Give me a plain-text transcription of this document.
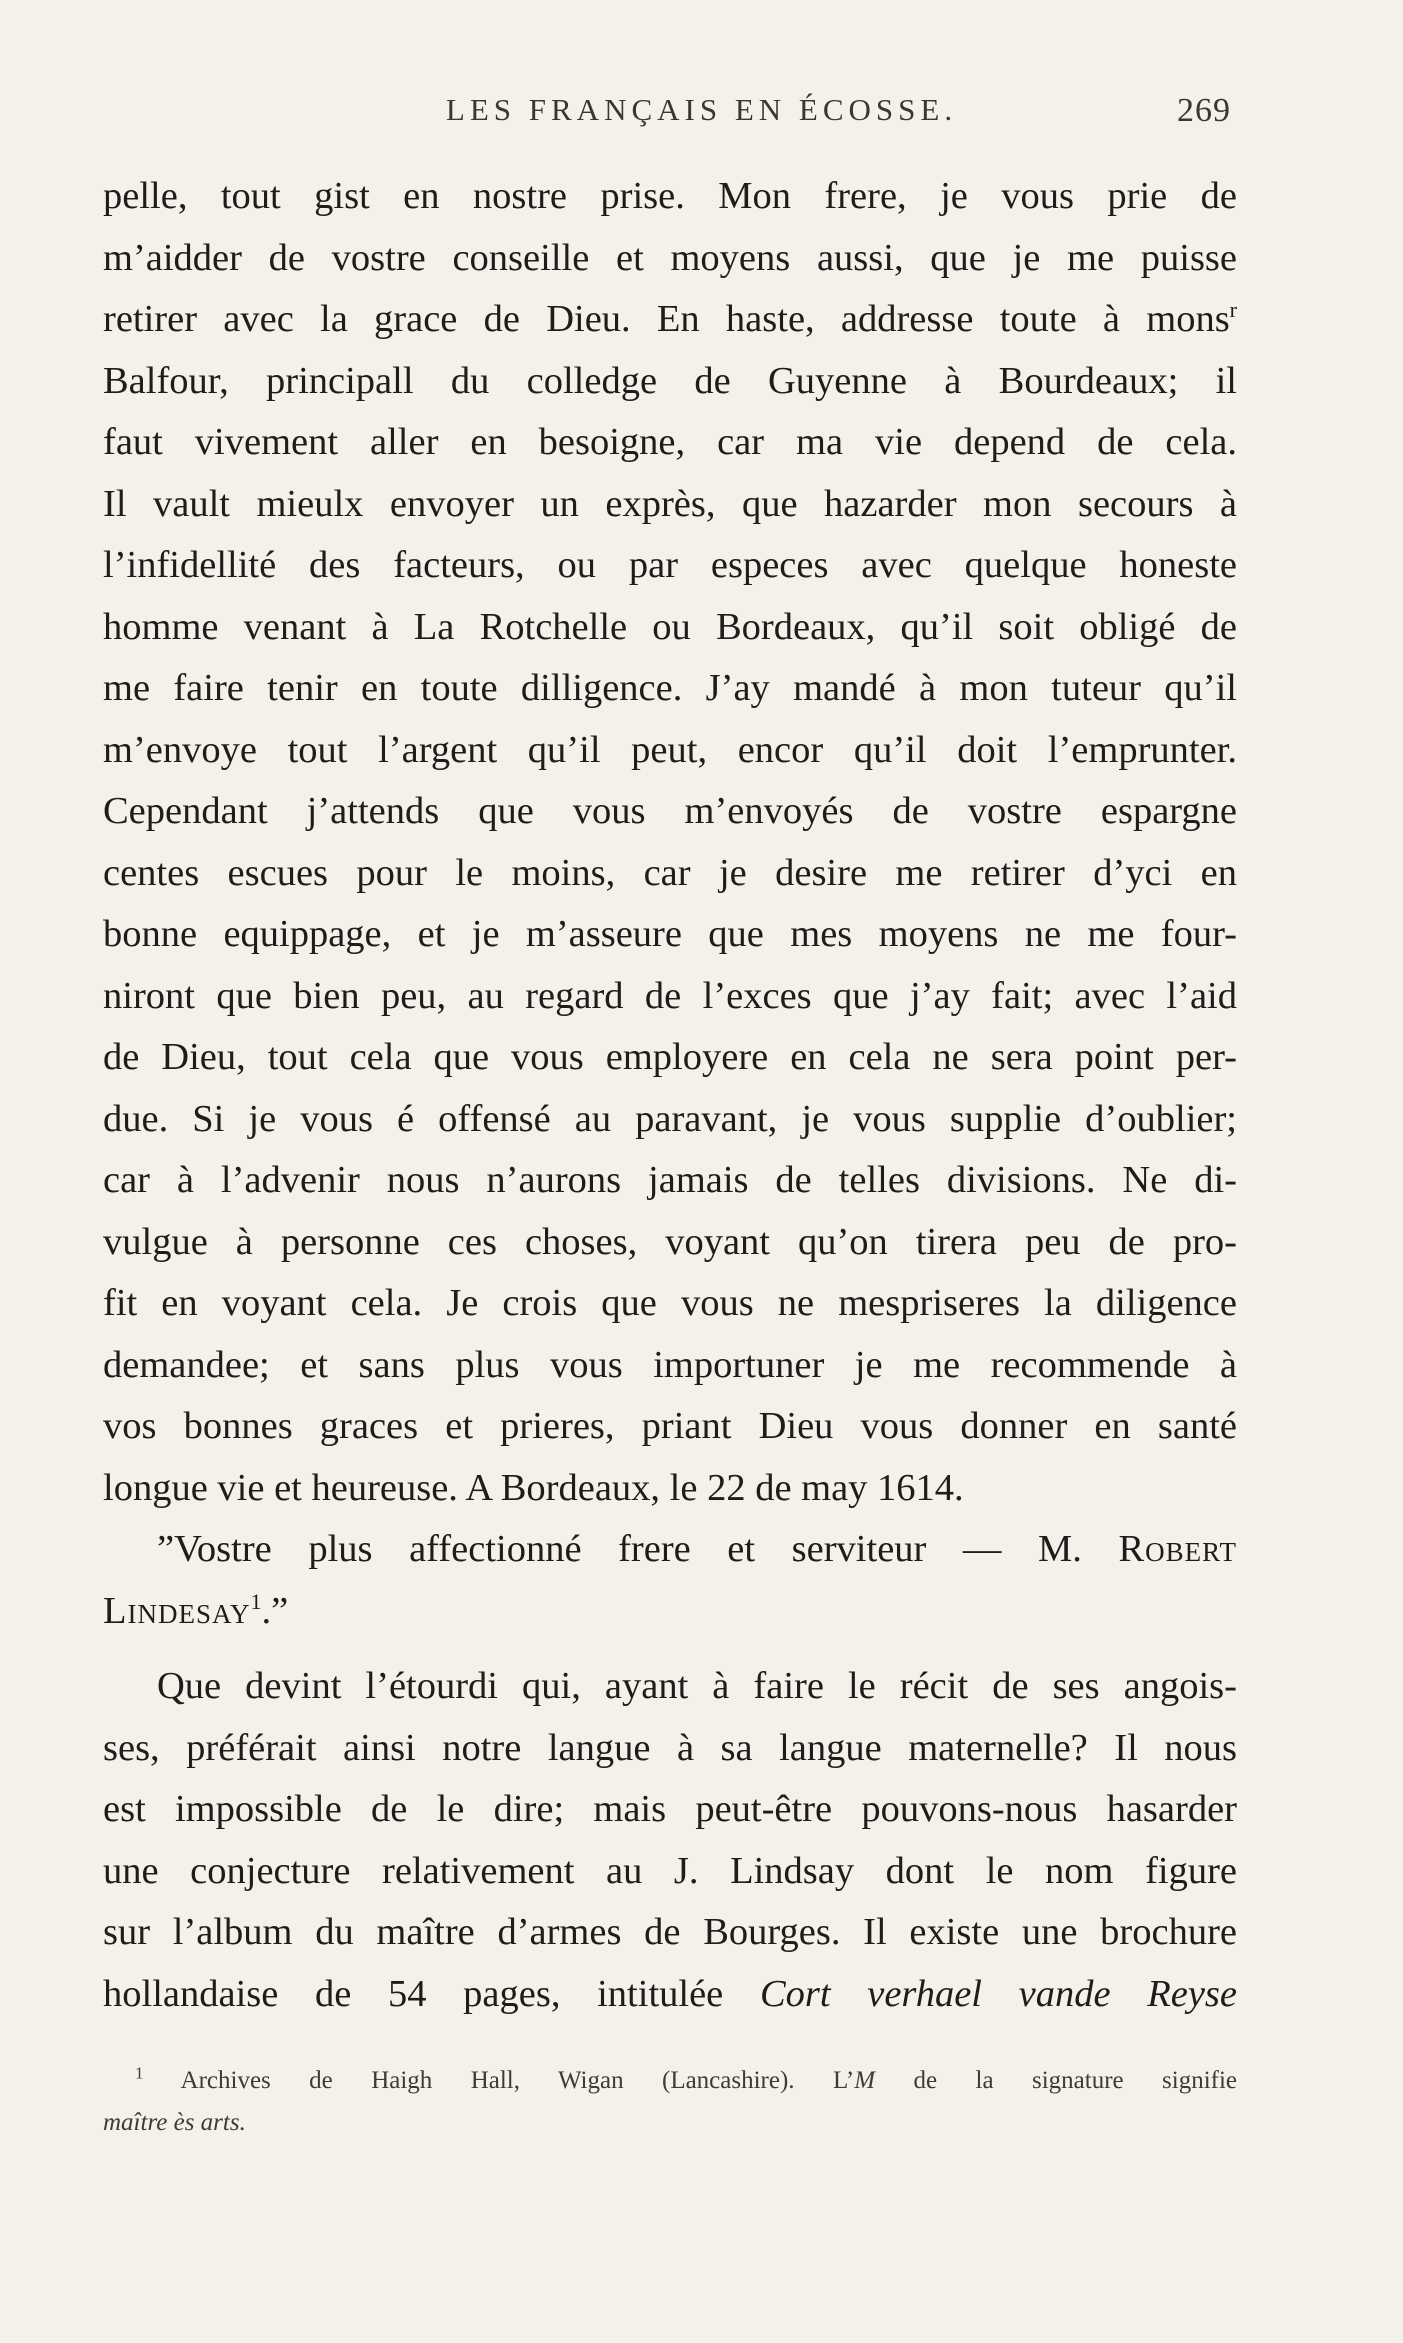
LES FRANÇAIS EN ÉCOSSE.	269
pelle, tout gist en nostre prise. Mon frere, je vous prie de
m’aidder de vostre conseille et moyens aussi, que je me puisse
retirer avec la grace de Dieu. En haste, addresse toute à mons$^r$
Balfour, principall du colledge de Guyenne à Bourdeaux; il
faut vivement aller en besoigne, car ma vie depend de cela.
Il vault mieulx envoyer un exprès, que hazarder mon secours à
l’infidellité des facteurs, ou par especes avec quelque honeste
homme venant à La Rotchelle ou Bordeaux, qu’il soit obligé de
me faire tenir en toute dilligence. J’ay mandé à mon tuteur qu’il
m’envoye tout l’argent qu’il peut, encor qu’il doit l’emprunter.
Cependant j’attends que vous m’envoyés de vostre espargne
centes escues pour le moins, car je desire me retirer d’yci en
bonne equippage, et je m’asseure que mes moyens ne me four-
niront que bien peu, au regard de l’exces que j’ay fait; avec l’aid
de Dieu, tout cela que vous employere en cela ne sera point per-
due. Si je vous é offensé au paravant, je vous supplie d’oublier;
car à l’advenir nous n’aurons jamais de telles divisions. Ne di-
vulgue à personne ces choses, voyant qu’on tirera peu de pro-
fit en voyant cela. Je crois que vous ne mespriseres la diligence
demandee; et sans plus vous importuner je me recommende à
vos bonnes graces et prieres, priant Dieu vous donner en santé
longue vie et heureuse. A Bordeaux, le 22 de may 1614.
”Vostre plus affectionné frere et serviteur — M. Robert
Lindesay$^1$.”
Que devint l’étourdi qui, ayant à faire le récit de ses angois-
ses, préférait ainsi notre langue à sa langue maternelle? Il nous
est impossible de le dire; mais peut-être pouvons-nous hasarder
une conjecture relativement au J. Lindsay dont le nom figure
sur l’album du maître d’armes de Bourges. Il existe une brochure
hollandaise de 54 pages, intitulée Cort verhael vande Reyse
$^1$ Archives de Haigh Hall, Wigan (Lancashire). L’M de la signature signifie
maître ès arts.
